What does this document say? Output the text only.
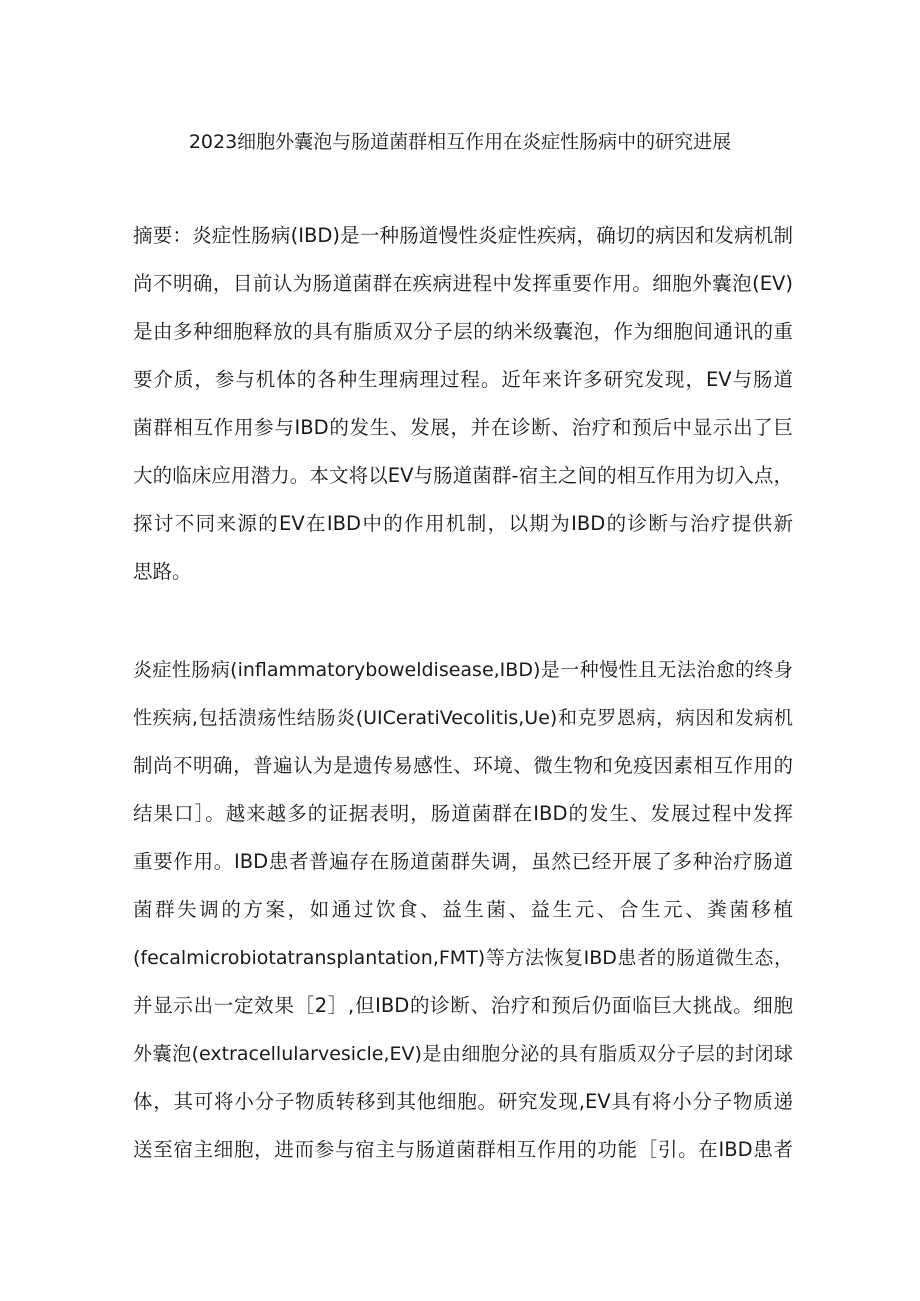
2023细胞外囊泡与肠道菌群相互作用在炎症性肠病中的研究进展
摘要：炎症性肠病(IBD)是一种肠道慢性炎症性疾病，确切的病因和发病机制
尚不明确，目前认为肠道菌群在疾病进程中发挥重要作用。细胞外囊泡(EV)
是由多种细胞释放的具有脂质双分子层的纳米级囊泡，作为细胞间通讯的重
要介质，参与机体的各种生理病理过程。近年来许多研究发现，EV与肠道
菌群相互作用参与IBD的发生、发展，并在诊断、治疗和预后中显示出了巨
大的临床应用潜力。本文将以EV与肠道菌群-宿主之间的相互作用为切入点，
探讨不同来源的EV在IBD中的作用机制，以期为IBD的诊断与治疗提供新
思路。
炎症性肠病(inflammatoryboweldisease,IBD)是一种慢性且无法治愈的终身
性疾病,包括溃疡性结肠炎(UICeratiVecolitis,Ue)和克罗恩病，病因和发病机
制尚不明确，普遍认为是遗传易感性、环境、微生物和免疫因素相互作用的
结果口］。越来越多的证据表明，肠道菌群在IBD的发生、发展过程中发挥
重要作用。IBD患者普遍存在肠道菌群失调，虽然已经开展了多种治疗肠道
菌群失调的方案，如通过饮食、益生菌、益生元、合生元、粪菌移植
(fecalmicrobiotatransplantation,FMT)等方法恢复IBD患者的肠道微生态，
并显示出一定效果［2］,但IBD的诊断、治疗和预后仍面临巨大挑战。细胞
外囊泡(extracellularvesicle,EV)是由细胞分泌的具有脂质双分子层的封闭球
体，其可将小分子物质转移到其他细胞。研究发现,EV具有将小分子物质递
送至宿主细胞，进而参与宿主与肠道菌群相互作用的功能［引。在IBD患者
